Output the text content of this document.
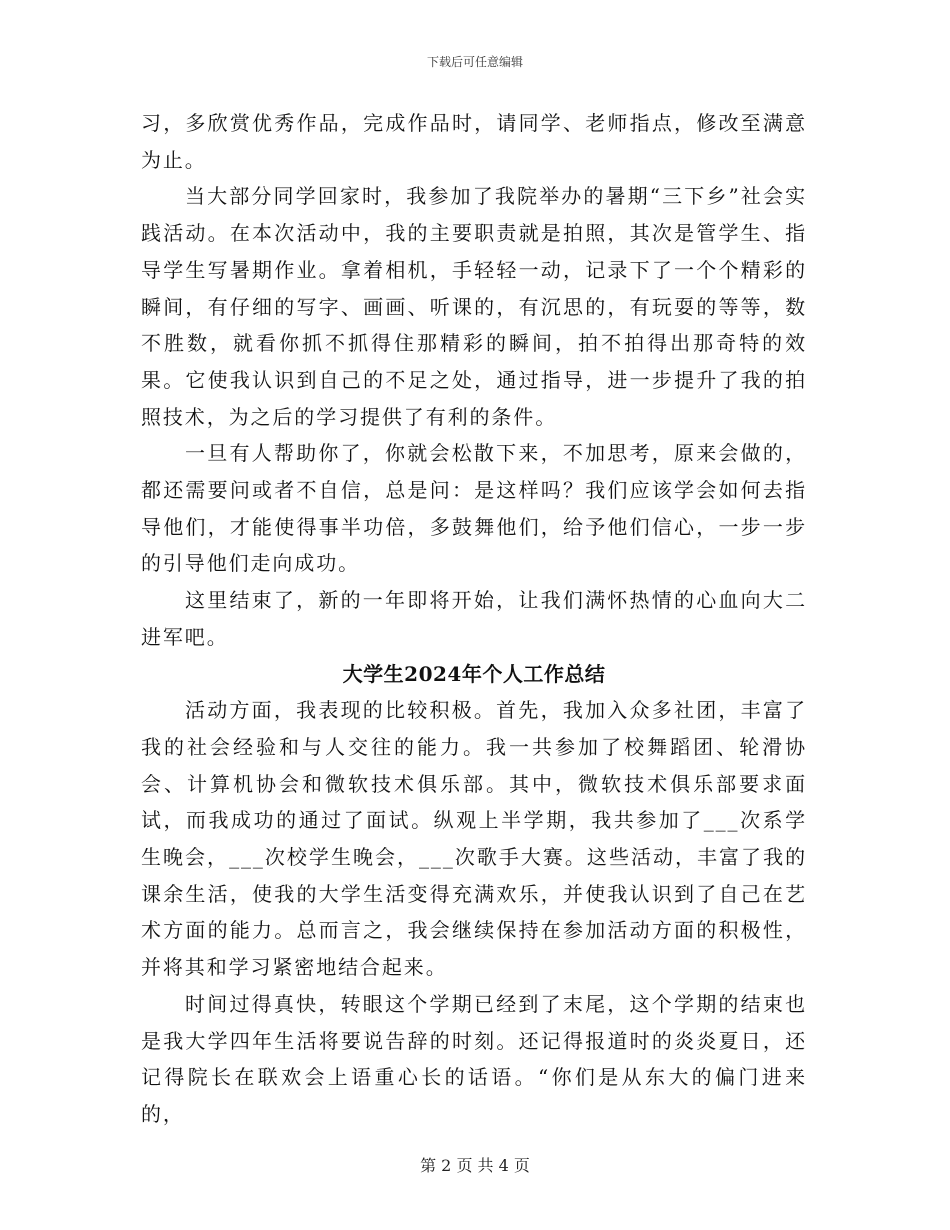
下载后可任意编辑

习，多欣赏优秀作品，完成作品时，请同学、老师指点，修改至满意为止。

当大部分同学回家时，我参加了我院举办的暑期“三下乡”社会实践活动。在本次活动中，我的主要职责就是拍照，其次是管学生、指导学生写暑期作业。拿着相机，手轻轻一动，记录下了一个个精彩的瞬间，有仔细的写字、画画、听课的，有沉思的，有玩耍的等等，数不胜数，就看你抓不抓得住那精彩的瞬间，拍不拍得出那奇特的效果。它使我认识到自己的不足之处，通过指导，进一步提升了我的拍照技术，为之后的学习提供了有利的条件。

一旦有人帮助你了，你就会松散下来，不加思考，原来会做的，都还需要问或者不自信，总是问：是这样吗？我们应该学会如何去指导他们，才能使得事半功倍，多鼓舞他们，给予他们信心，一步一步的引导他们走向成功。

这里结束了，新的一年即将开始，让我们满怀热情的心血向大二进军吧。

大学生2024年个人工作总结

活动方面，我表现的比较积极。首先，我加入众多社团，丰富了我的社会经验和与人交往的能力。我一共参加了校舞蹈团、轮滑协会、计算机协会和微软技术俱乐部。其中，微软技术俱乐部要求面试，而我成功的通过了面试。纵观上半学期，我共参加了___次系学生晚会，___次校学生晚会，___次歌手大赛。这些活动，丰富了我的课余生活，使我的大学生活变得充满欢乐，并使我认识到了自己在艺术方面的能力。总而言之，我会继续保持在参加活动方面的积极性，并将其和学习紧密地结合起来。

时间过得真快，转眼这个学期已经到了末尾，这个学期的结束也是我大学四年生活将要说告辞的时刻。还记得报道时的炎炎夏日，还记得院长在联欢会上语重心长的话语。“你们是从东大的偏门进来的，

第 2 页 共 4 页
